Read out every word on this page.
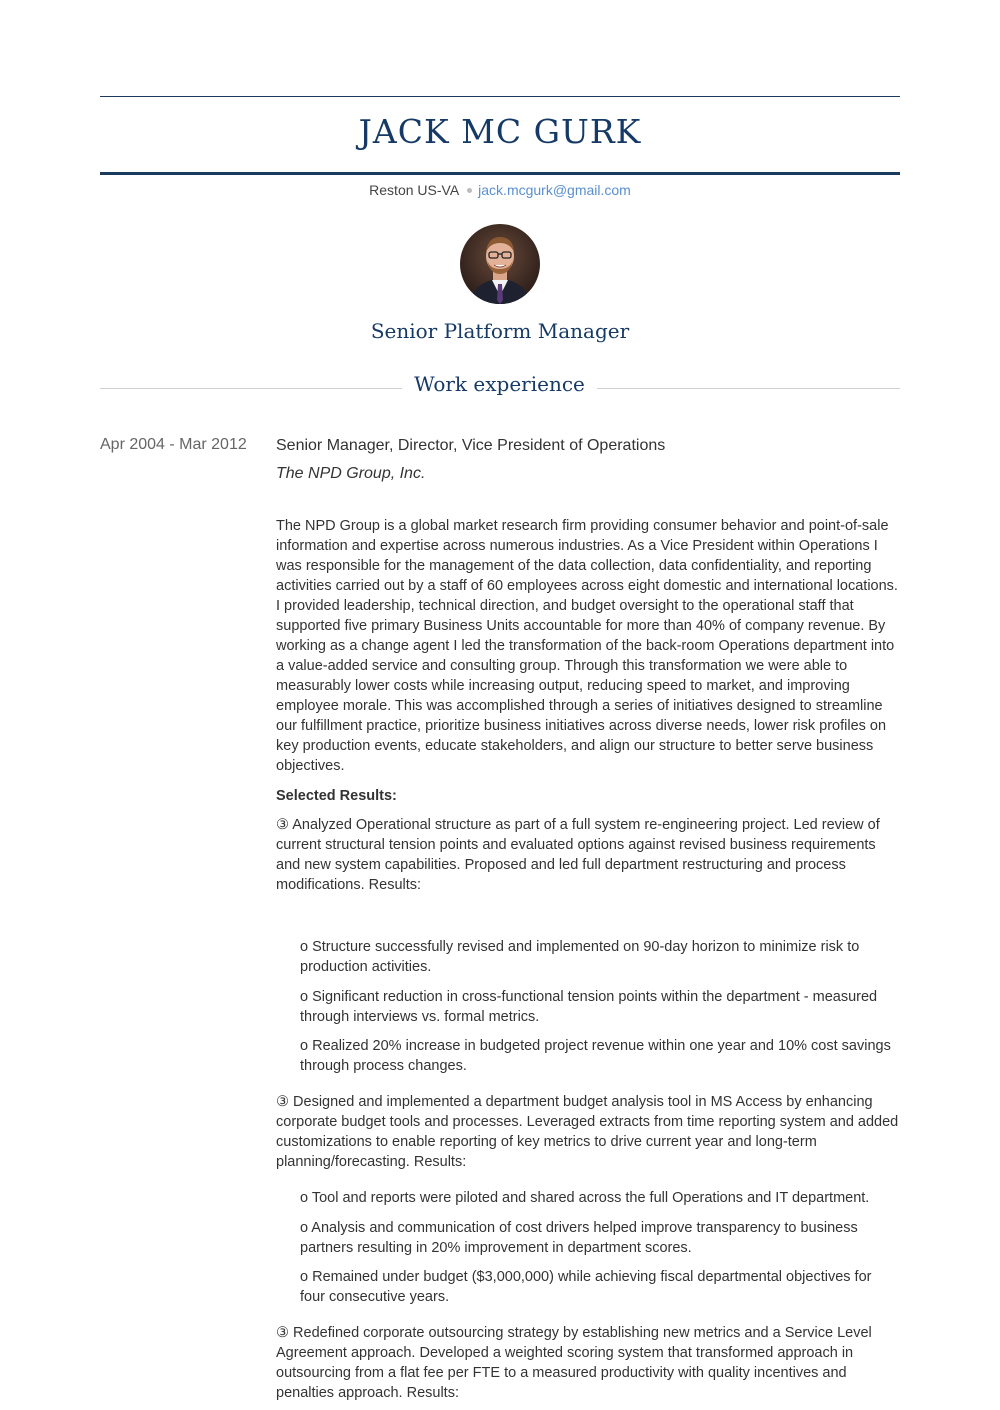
JACK MC GURK
Reston US-VA jack.mcgurk@gmail.com
Senior Platform Manager
Work experience
Apr 2004 - Mar 2012	Senior Manager, Director, Vice President of Operations

The NPD Group, Inc.

The NPD Group is a global market research firm providing consumer behavior and point-of-sale information and expertise across numerous industries. As a Vice President within Operations I was responsible for the management of the data collection, data confidentiality, and reporting activities carried out by a staff of 60 employees across eight domestic and international locations. I provided leadership, technical direction, and budget oversight to the operational staff that supported five primary Business Units accountable for more than 40% of company revenue. By working as a change agent I led the transformation of the back-room Operations department into a value-added service and consulting group. Through this transformation we were able to measurably lower costs while increasing output, reducing speed to market, and improving employee morale. This was accomplished through a series of initiatives designed to streamline our fulfillment practice, prioritize business initiatives across diverse needs, lower risk profiles on key production events, educate stakeholders, and align our structure to better serve business objectives.
Selected Results:
③ Analyzed Operational structure as part of a full system re-engineering project. Led review of current structural tension points and evaluated options against revised business requirements and new system capabilities. Proposed and led full department restructuring and process modifications. Results:

o Structure successfully revised and implemented on 90-day horizon to minimize risk to production activities.

o Significant reduction in cross-functional tension points within the department - measured through interviews vs. formal metrics.

o Realized 20% increase in budgeted project revenue within one year and 10% cost savings through process changes.

③ Designed and implemented a department budget analysis tool in MS Access by enhancing corporate budget tools and processes. Leveraged extracts from time reporting system and added customizations to enable reporting of key metrics to drive current year and long-term planning/forecasting. Results:

o Tool and reports were piloted and shared across the full Operations and IT department.

o Analysis and communication of cost drivers helped improve transparency to business partners resulting in 20% improvement in department scores.

o Remained under budget ($3,000,000) while achieving fiscal departmental objectives for four consecutive years.

③ Redefined corporate outsourcing strategy by establishing new metrics and a Service Level Agreement approach. Developed a weighted scoring system that transformed approach in outsourcing from a flat fee per FTE to a measured productivity with quality incentives and penalties approach. Results:
